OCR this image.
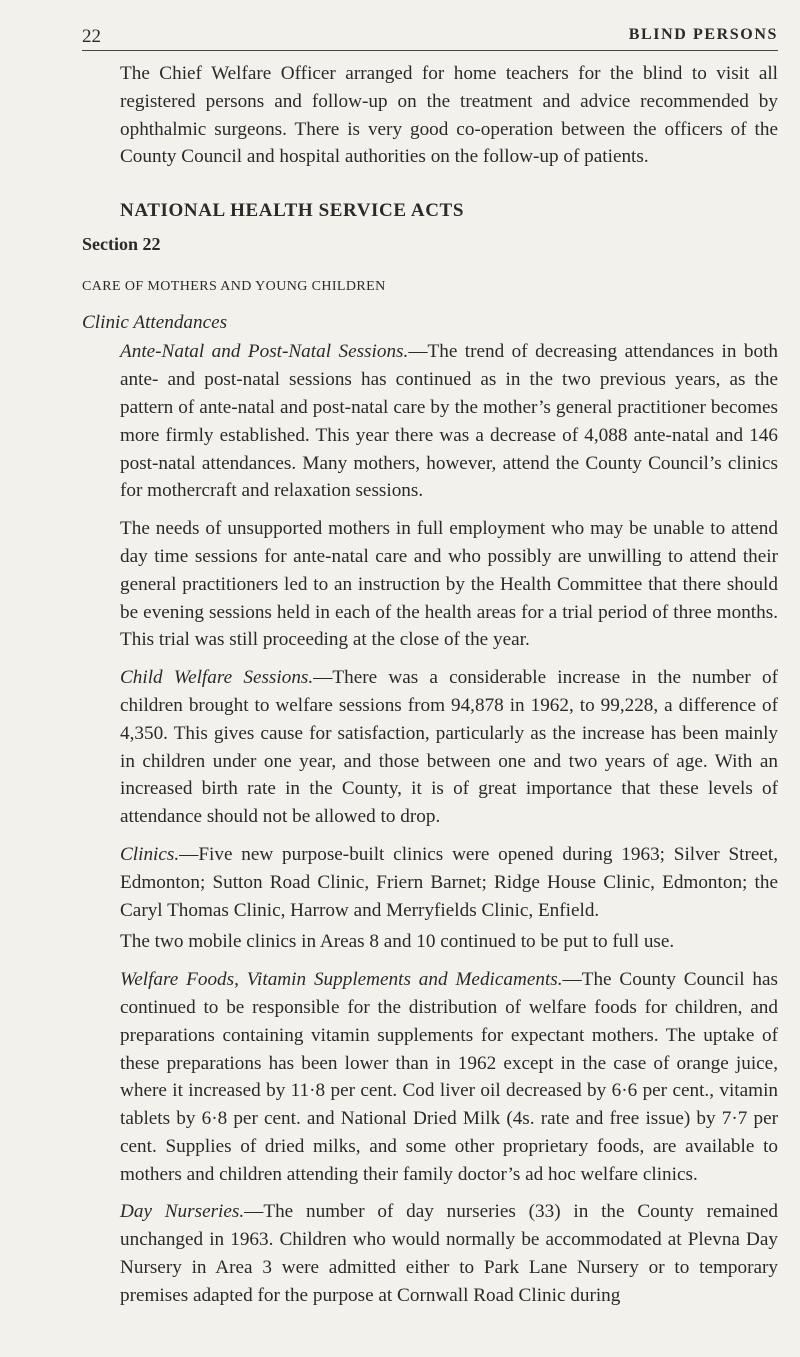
22	BLIND PERSONS

The Chief Welfare Officer arranged for home teachers for the blind to visit all registered persons and follow-up on the treatment and advice recommended by ophthalmic surgeons. There is very good co-operation between the officers of the County Council and hospital authorities on the follow-up of patients.

NATIONAL HEALTH SERVICE ACTS

Section 22

CARE OF MOTHERS AND YOUNG CHILDREN

Clinic Attendances

Ante-Natal and Post-Natal Sessions.—The trend of decreasing attendances in both ante- and post-natal sessions has continued as in the two previous years, as the pattern of ante-natal and post-natal care by the mother’s general practitioner becomes more firmly established. This year there was a decrease of 4,088 ante-natal and 146 post-natal attendances. Many mothers, however, attend the County Council’s clinics for mothercraft and relaxation sessions.

The needs of unsupported mothers in full employment who may be unable to attend day time sessions for ante-natal care and who possibly are unwilling to attend their general practitioners led to an instruction by the Health Committee that there should be evening sessions held in each of the health areas for a trial period of three months. This trial was still proceeding at the close of the year.

Child Welfare Sessions.—There was a considerable increase in the number of children brought to welfare sessions from 94,878 in 1962, to 99,228, a difference of 4,350. This gives cause for satisfaction, particularly as the increase has been mainly in children under one year, and those between one and two years of age. With an increased birth rate in the County, it is of great importance that these levels of attendance should not be allowed to drop.

Clinics.—Five new purpose-built clinics were opened during 1963; Silver Street, Edmonton; Sutton Road Clinic, Friern Barnet; Ridge House Clinic, Edmonton; the Caryl Thomas Clinic, Harrow and Merryfields Clinic, Enfield.

The two mobile clinics in Areas 8 and 10 continued to be put to full use.

Welfare Foods, Vitamin Supplements and Medicaments.—The County Council has continued to be responsible for the distribution of welfare foods for children, and preparations containing vitamin supplements for expectant mothers. The uptake of these preparations has been lower than in 1962 except in the case of orange juice, where it increased by 11·8 per cent. Cod liver oil decreased by 6·6 per cent., vitamin tablets by 6·8 per cent. and National Dried Milk (4s. rate and free issue) by 7·7 per cent. Supplies of dried milks, and some other proprietary foods, are available to mothers and children attending their family doctor’s ad hoc welfare clinics.

Day Nurseries.—The number of day nurseries (33) in the County remained unchanged in 1963. Children who would normally be accommodated at Plevna Day Nursery in Area 3 were admitted either to Park Lane Nursery or to temporary premises adapted for the purpose at Cornwall Road Clinic during
